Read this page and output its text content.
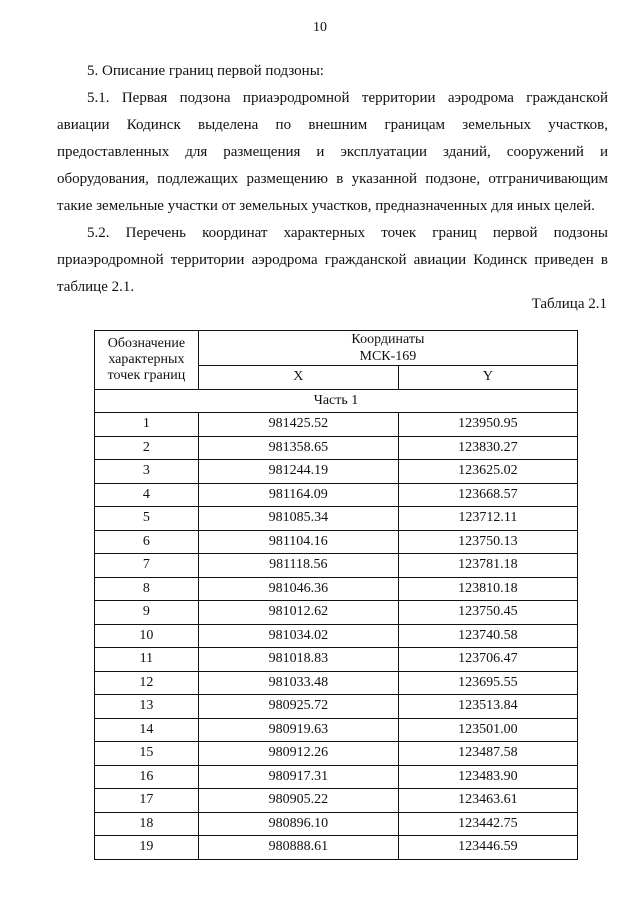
10

5. Описание границ первой подзоны:

5.1. Первая подзона приаэродромной территории аэродрома гражданской авиации Кодинск выделена по внешним границам земельных участков, предоставленных для размещения и эксплуатации зданий, сооружений и оборудования, подлежащих размещению в указанной подзоне, отграничивающим такие земельные участки от земельных участков, предназначенных для иных целей.

5.2. Перечень координат характерных точек границ первой подзоны приаэродромной территории аэродрома гражданской авиации Кодинск приведен в таблице 2.1.

Таблица 2.1
Обозначение характерных точек границ	Координаты
МСК-169	

	X	Y
Часть 1		
1	981425.52	123950.95
2	981358.65	123830.27
3	981244.19	123625.02
4	981164.09	123668.57
5	981085.34	123712.11
6	981104.16	123750.13
7	981118.56	123781.18
8	981046.36	123810.18
9	981012.62	123750.45
10	981034.02	123740.58
11	981018.83	123706.47
12	981033.48	123695.55
13	980925.72	123513.84
14	980919.63	123501.00
15	980912.26	123487.58
16	980917.31	123483.90
17	980905.22	123463.61
18	980896.10	123442.75
19	980888.61	123446.59
